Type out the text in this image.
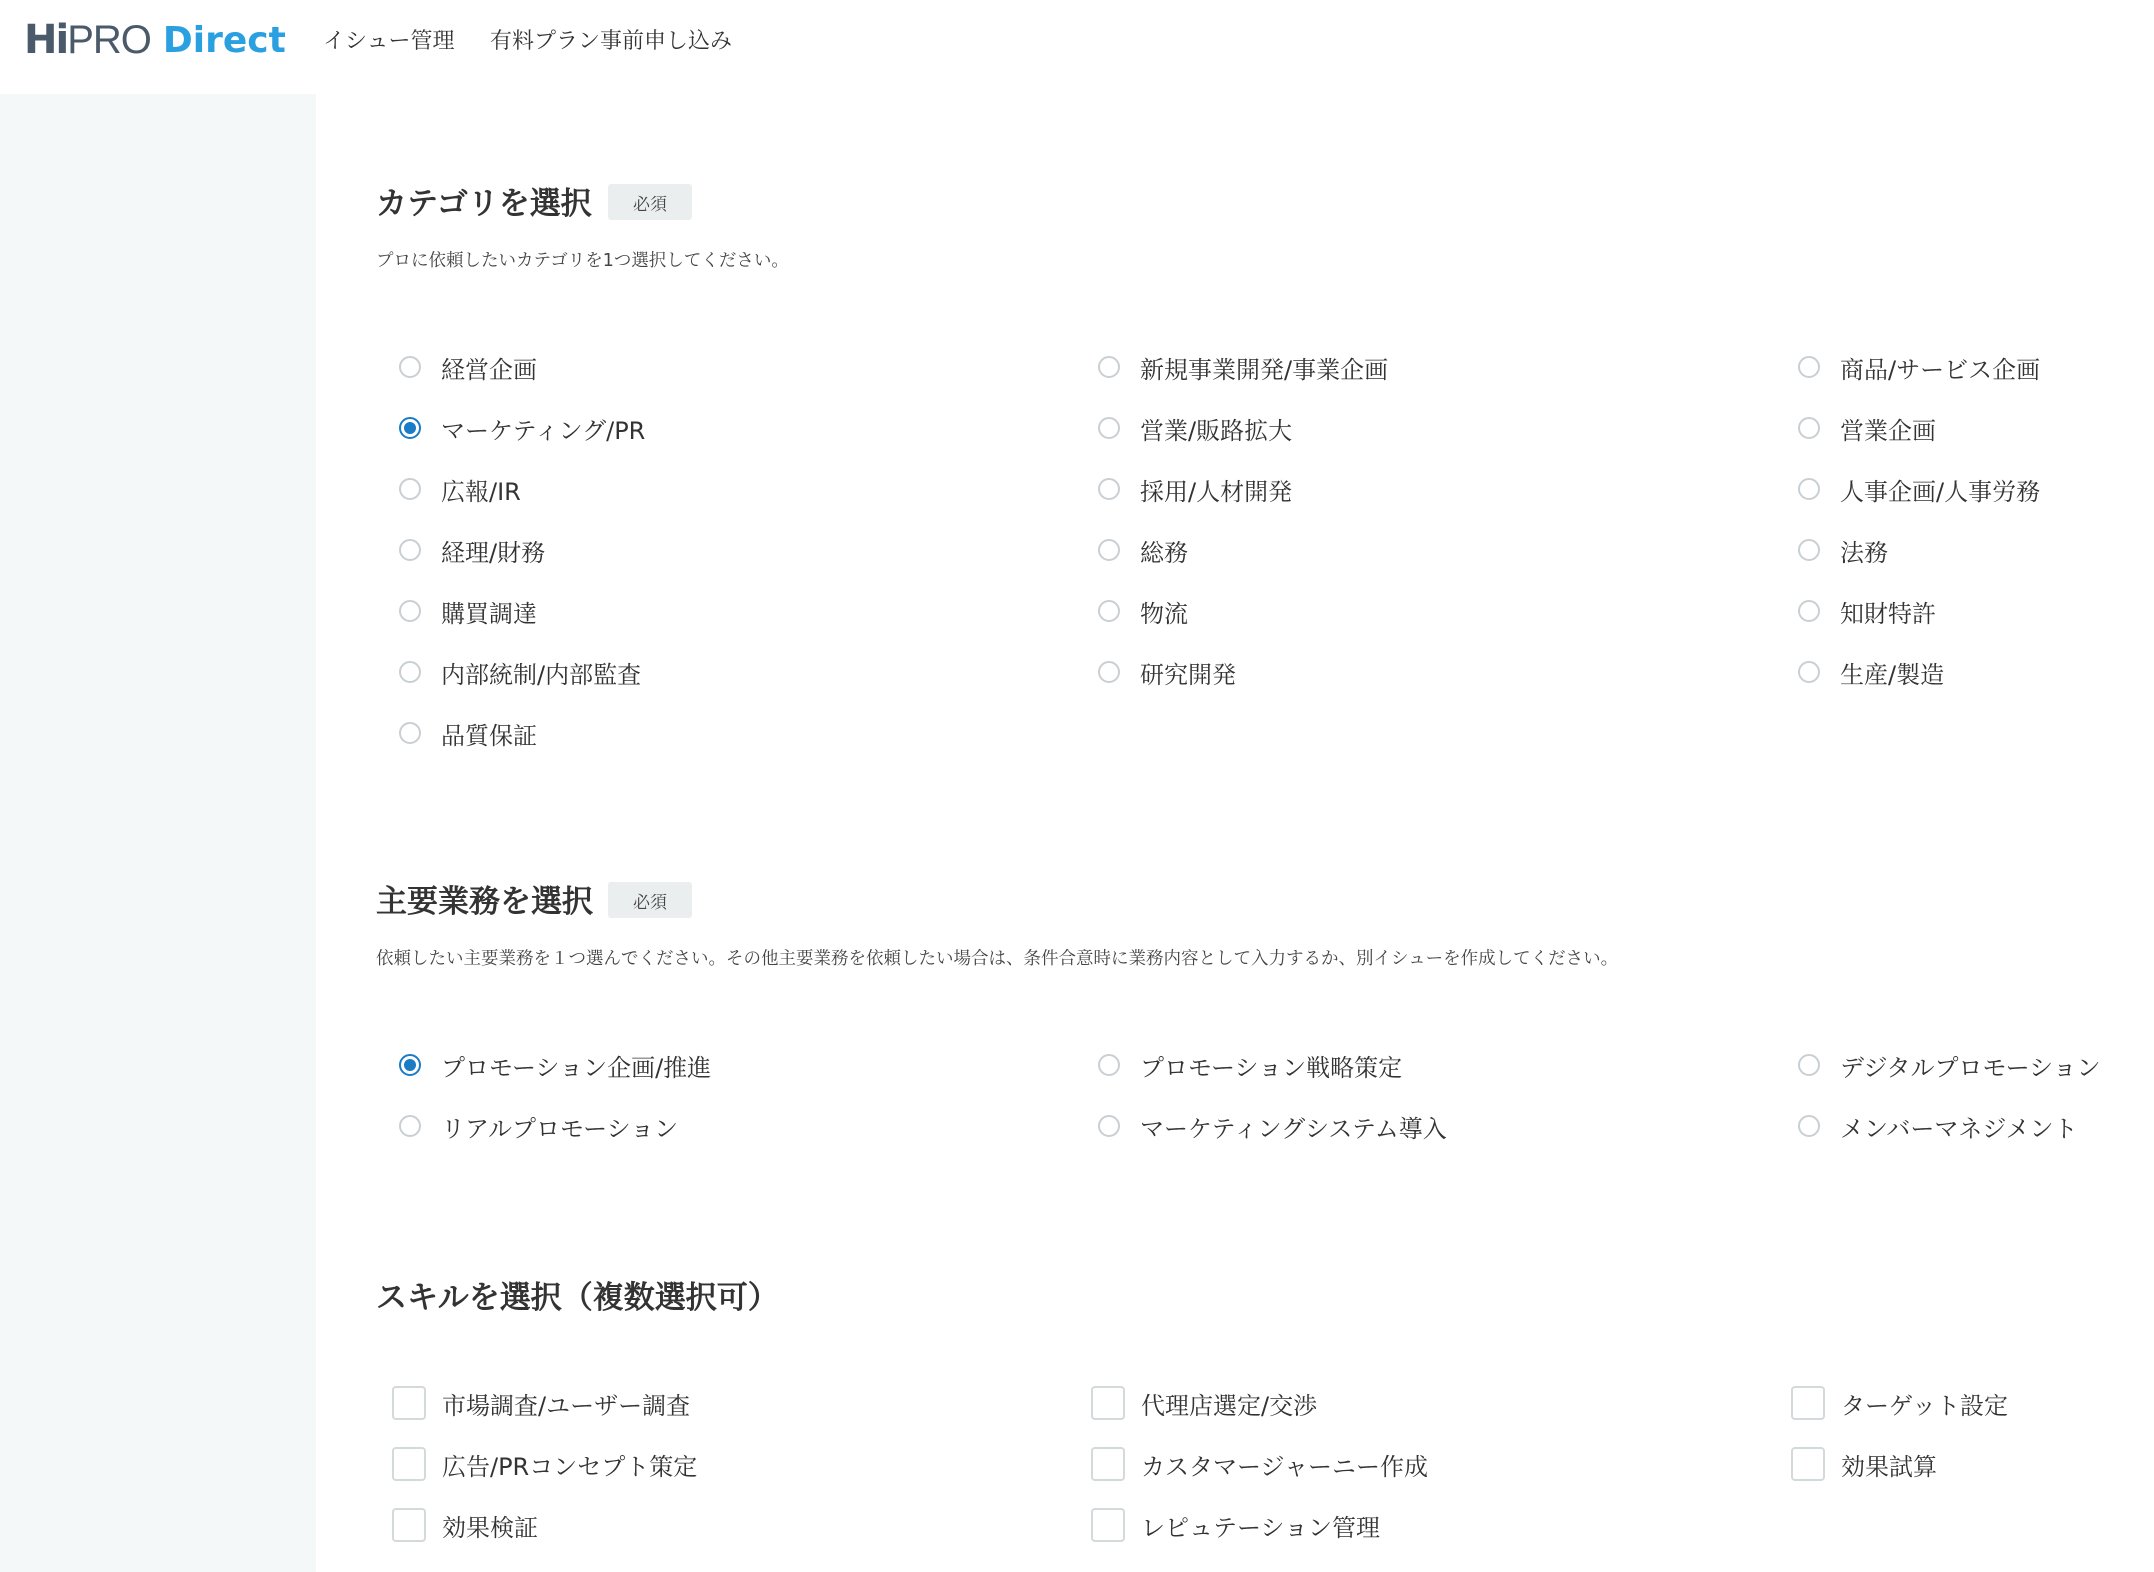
Hi PRO Direct イシュー管理 有料プラン事前申し込み
カテゴリを選択	必須
プロに依頼したいカテゴリを1つ選択してください。
経営企画
マーケティング/PR
広報/IR
経理/財務
購買調達
内部統制/内部監査
品質保証
新規事業開発/事業企画
営業/販路拡大
採用/人材開発
総務
物流
研究開発
商品/サービス企画
営業企画
人事企画/人事労務
法務
知財特許
生産/製造
主要業務を選択	必須
依頼したい主要業務を１つ選んでください。その他主要業務を依頼したい場合は、条件合意時に業務内容として入力するか、別イシューを作成してください。
プロモーション企画/推進
リアルプロモーション
プロモーション戦略策定
マーケティングシステム導入
デジタルプロモーション
メンバーマネジメント
スキルを選択（複数選択可）
市場調査/ユーザー調査
広告/PRコンセプト策定
効果検証
代理店選定/交渉
カスタマージャーニー作成
レピュテーション管理
ターゲット設定
効果試算
